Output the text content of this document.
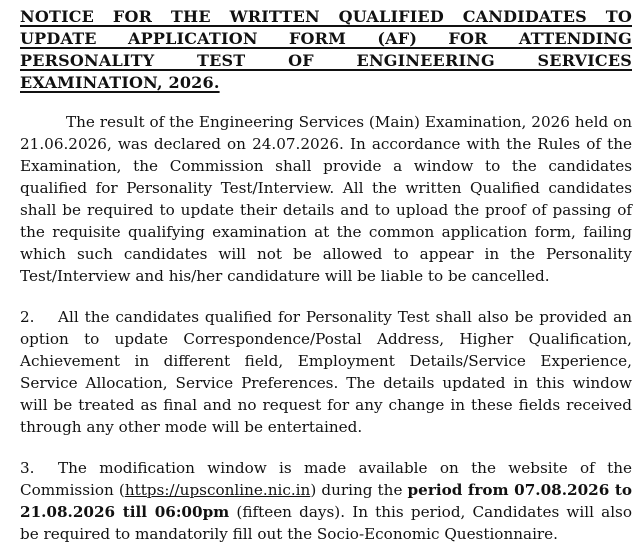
NOTICE FOR THE WRITTEN QUALIFIED CANDIDATES TO UPDATE APPLICATION FORM (AF) FOR ATTENDING PERSONALITY TEST OF ENGINEERING SERVICES EXAMINATION, 2026.

The result of the Engineering Services (Main) Examination, 2026 held on 21.06.2026, was declared on 24.07.2026. In accordance with the Rules of the Examination, the Commission shall provide a window to the candidates qualified for Personality Test/Interview. All the written Qualified candidates shall be required to update their details and to upload the proof of passing of the requisite qualifying examination at the common application form, failing which such candidates will not be allowed to appear in the Personality Test/Interview and his/her candidature will be liable to be cancelled.

2. All the candidates qualified for Personality Test shall also be provided an option to update Correspondence/Postal Address, Higher Qualification, Achievement in different field, Employment Details/Service Experience, Service Allocation, Service Preferences. The details updated in this window will be treated as final and no request for any change in these fields received through any other mode will be entertained.

3. The modification window is made available on the website of the Commission (https://upsconline.nic.in) during the period from 07.08.2026 to 21.08.2026 till 06:00pm (fifteen days). In this period, Candidates will also be required to mandatorily fill out the Socio-Economic Questionnaire.
